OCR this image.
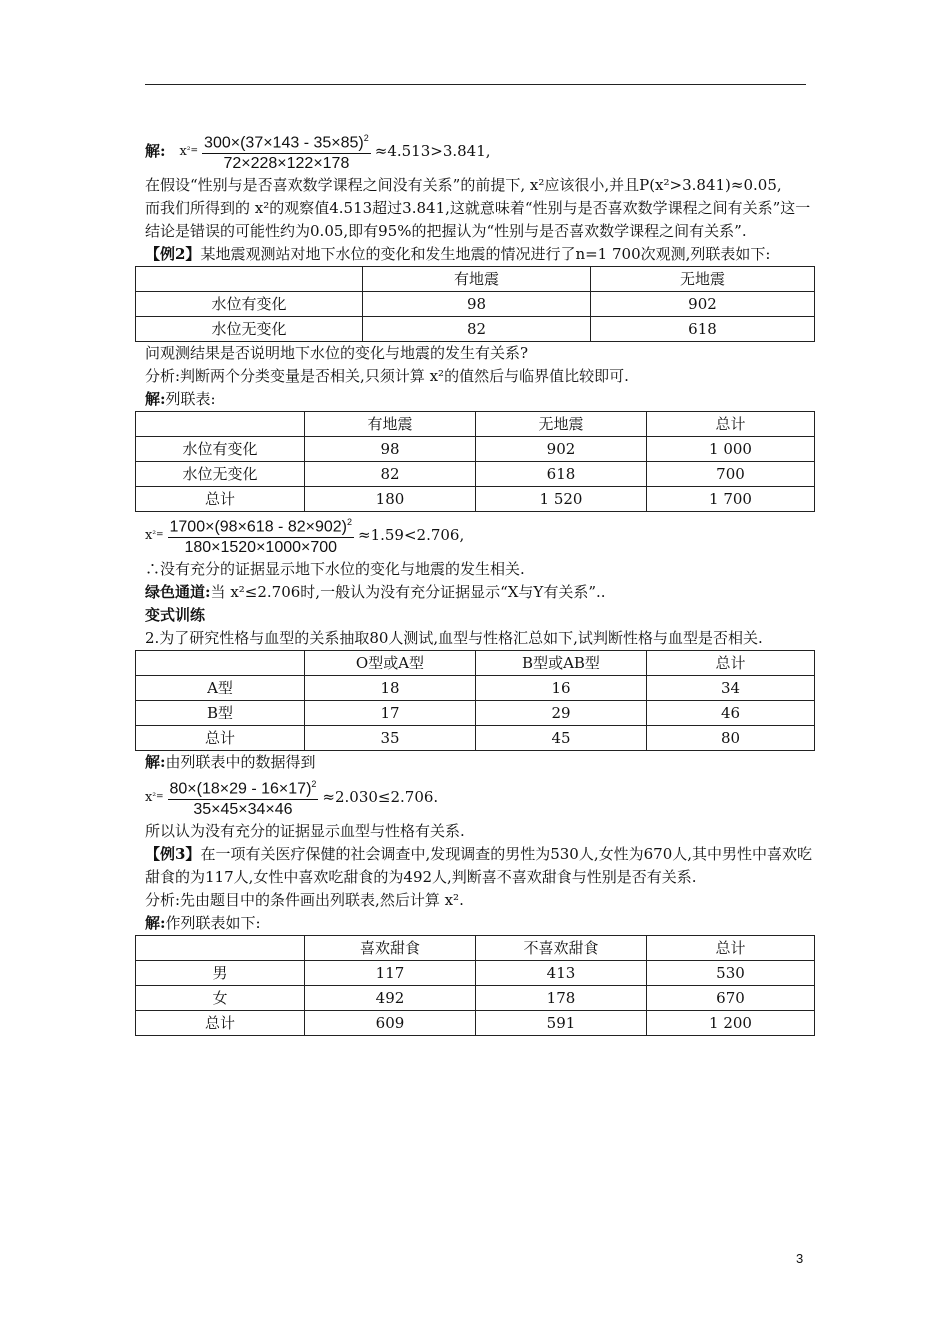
解: x $^2= \frac{300\times(37\times 143 - 35\times 85)^2}{72\times 228\times 122\times 178} \approx 4.513>3.841$,

在假设“性别与是否喜欢数学课程之间没有关系”的前提下, x²应该很小,并且P(x²>3.841)≈0.05,

而我们所得到的 x²的观察值4.513超过3.841,这就意味着“性别与是否喜欢数学课程之间有关系”这一结论是错误的可能性约为0.05,即有95%的把握认为“性别与是否喜欢数学课程之间有关系”.

【例2】某地震观测站对地下水位的变化和发生地震的情况进行了n=1 700次观测,列联表如下:

	有地震	无地震
水位有变化	98	902
水位无变化	82	618

问观测结果是否说明地下水位的变化与地震的发生有关系?

分析:判断两个分类变量是否相关,只须计算 x²的值然后与临界值比较即可.

解:列联表:

	有地震	无地震	总计
水位有变化	98	902	1 000
水位无变化	82	618	700
总计	180	1 520	1 700
x $^2= \frac{1700\times(98\times 618 - 82\times 902)^2}{180\times 1520\times 1000\times 700} \approx 1.59<2.706$,

∴没有充分的证据显示地下水位的变化与地震的发生相关.

绿色通道:当 x²≤2.706时,一般认为没有充分证据显示“X与Y有关系”..

变式训练

2.为了研究性格与血型的关系抽取80人测试,血型与性格汇总如下,试判断性格与血型是否相关.

	O型或A型	B型或AB型	总计
A型	18	16	34
B型	17	29	46
总计	35	45	80

解:由列联表中的数据得到

x $^2= \frac{80\times(18\times 29 - 16\times 17)^2}{35\times 45\times 34\times 46} \approx 2.030\le 2.706$.

所以认为没有充分的证据显示血型与性格有关系.

【例3】在一项有关医疗保健的社会调查中,发现调查的男性为530人,女性为670人,其中男性中喜欢吃甜食的为117人,女性中喜欢吃甜食的为492人,判断喜不喜欢甜食与性别是否有关系.

分析:先由题目中的条件画出列联表,然后计算 x².

解:作列联表如下:

	喜欢甜食	不喜欢甜食	总计
男	117	413	530
女	492	178	670
总计	609	591	1 200
3
